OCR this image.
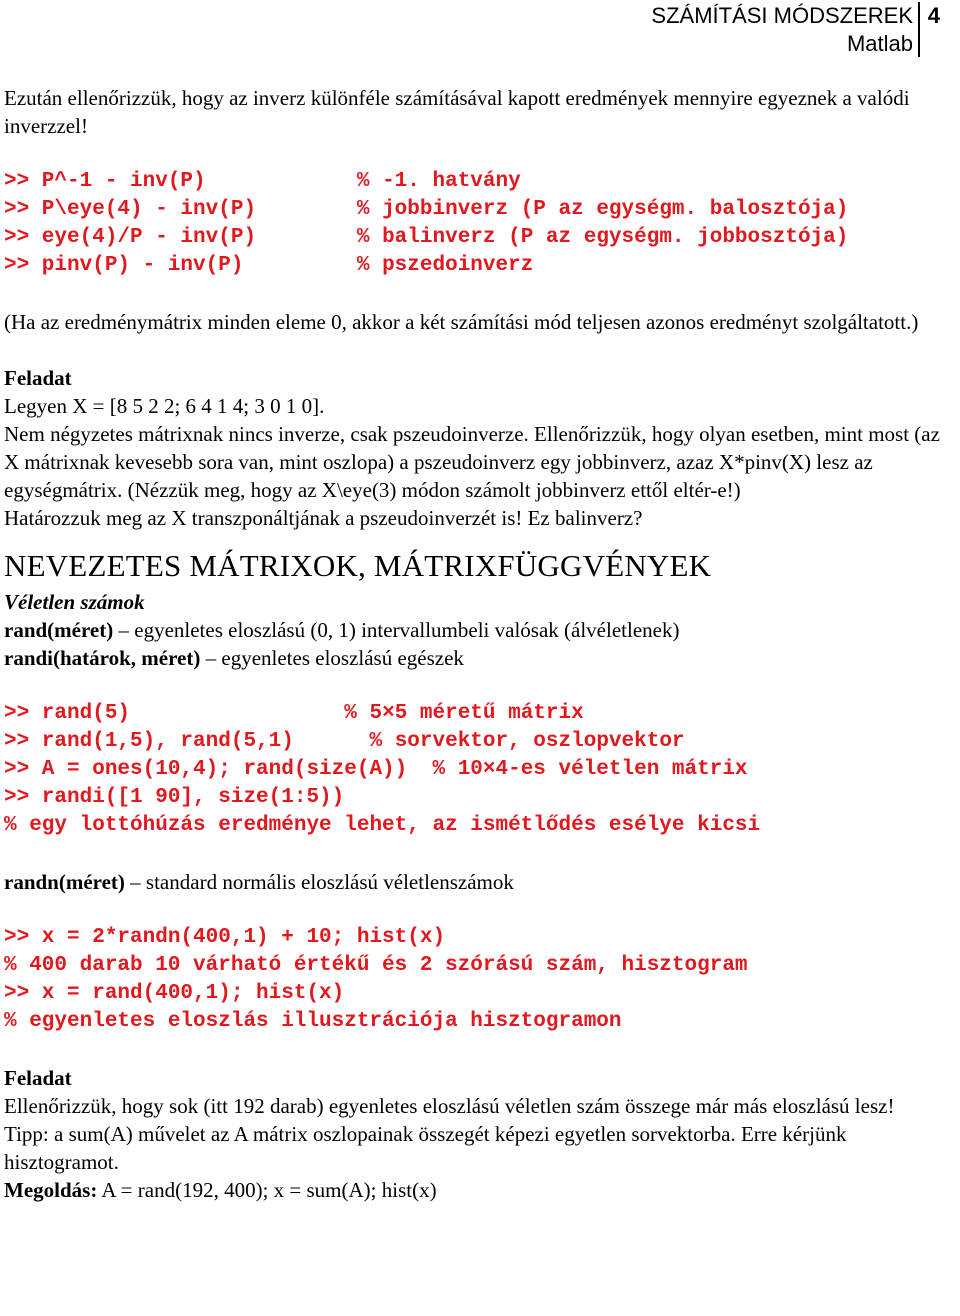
SZÁMÍTÁSI MÓDSZEREK
Matlab
4

Ezután ellenőrizzük, hogy az inverz különféle számításával kapott eredmények mennyire egyeznek a valódi inverzzel!

>> P^-1 - inv(P)	% -1. hatvány
>> P\eye(4) - inv(P)	% jobbinverz (P az egységm. balosztója)
>> eye(4)/P - inv(P)	% balinverz (P az egységm. jobbosztója)
>> pinv(P) - inv(P)	% pszedoinverz

(Ha az eredménymátrix minden eleme 0, akkor a két számítási mód teljesen azonos eredményt szolgáltatott.)

Feladat

Legyen X = [8 5 2 2; 6 4 1 4; 3 0 1 0].

Nem négyzetes mátrixnak nincs inverze, csak pszeudoinverze. Ellenőrizzük, hogy olyan esetben, mint most (az X mátrixnak kevesebb sora van, mint oszlopa) a pszeudoinverz egy jobbinverz, azaz X*pinv(X) lesz az egységmátrix. (Nézzük meg, hogy az X\eye(3) módon számolt jobbinverz ettől eltér-e!)

Határozzuk meg az X transzponáltjának a pszeudoinverzét is! Ez balinverz?

NEVEZETES MÁTRIXOK, MÁTRIXFÜGGVÉNYEK

Véletlen számok

rand(méret) – egyenletes eloszlású (0, 1) intervallumbeli valósak (álvéletlenek)

randi(határok, méret) – egyenletes eloszlású egészek

>> rand(5)	% 5×5 méretű mátrix
>> rand(1,5), rand(5,1)	% sorvektor, oszlopvektor
>> A = ones(10,4); rand(size(A)) % 10×4-es véletlen mátrix
>> randi([1 90], size(1:5))
% egy lottóhúzás eredménye lehet, az ismétlődés esélye kicsi

randn(méret) – standard normális eloszlású véletlenszámok

>> x = 2*randn(400,1) + 10; hist(x)
% 400 darab 10 várható értékű és 2 szórású szám, hisztogram
>> x = rand(400,1); hist(x)
% egyenletes eloszlás illusztrációja hisztogramon

Feladat

Ellenőrizzük, hogy sok (itt 192 darab) egyenletes eloszlású véletlen szám összege már más eloszlású lesz!

Tipp: a sum(A) művelet az A mátrix oszlopainak összegét képezi egyetlen sorvektorba. Erre kérjünk hisztogramot.

Megoldás: A = rand(192, 400); x = sum(A); hist(x)
